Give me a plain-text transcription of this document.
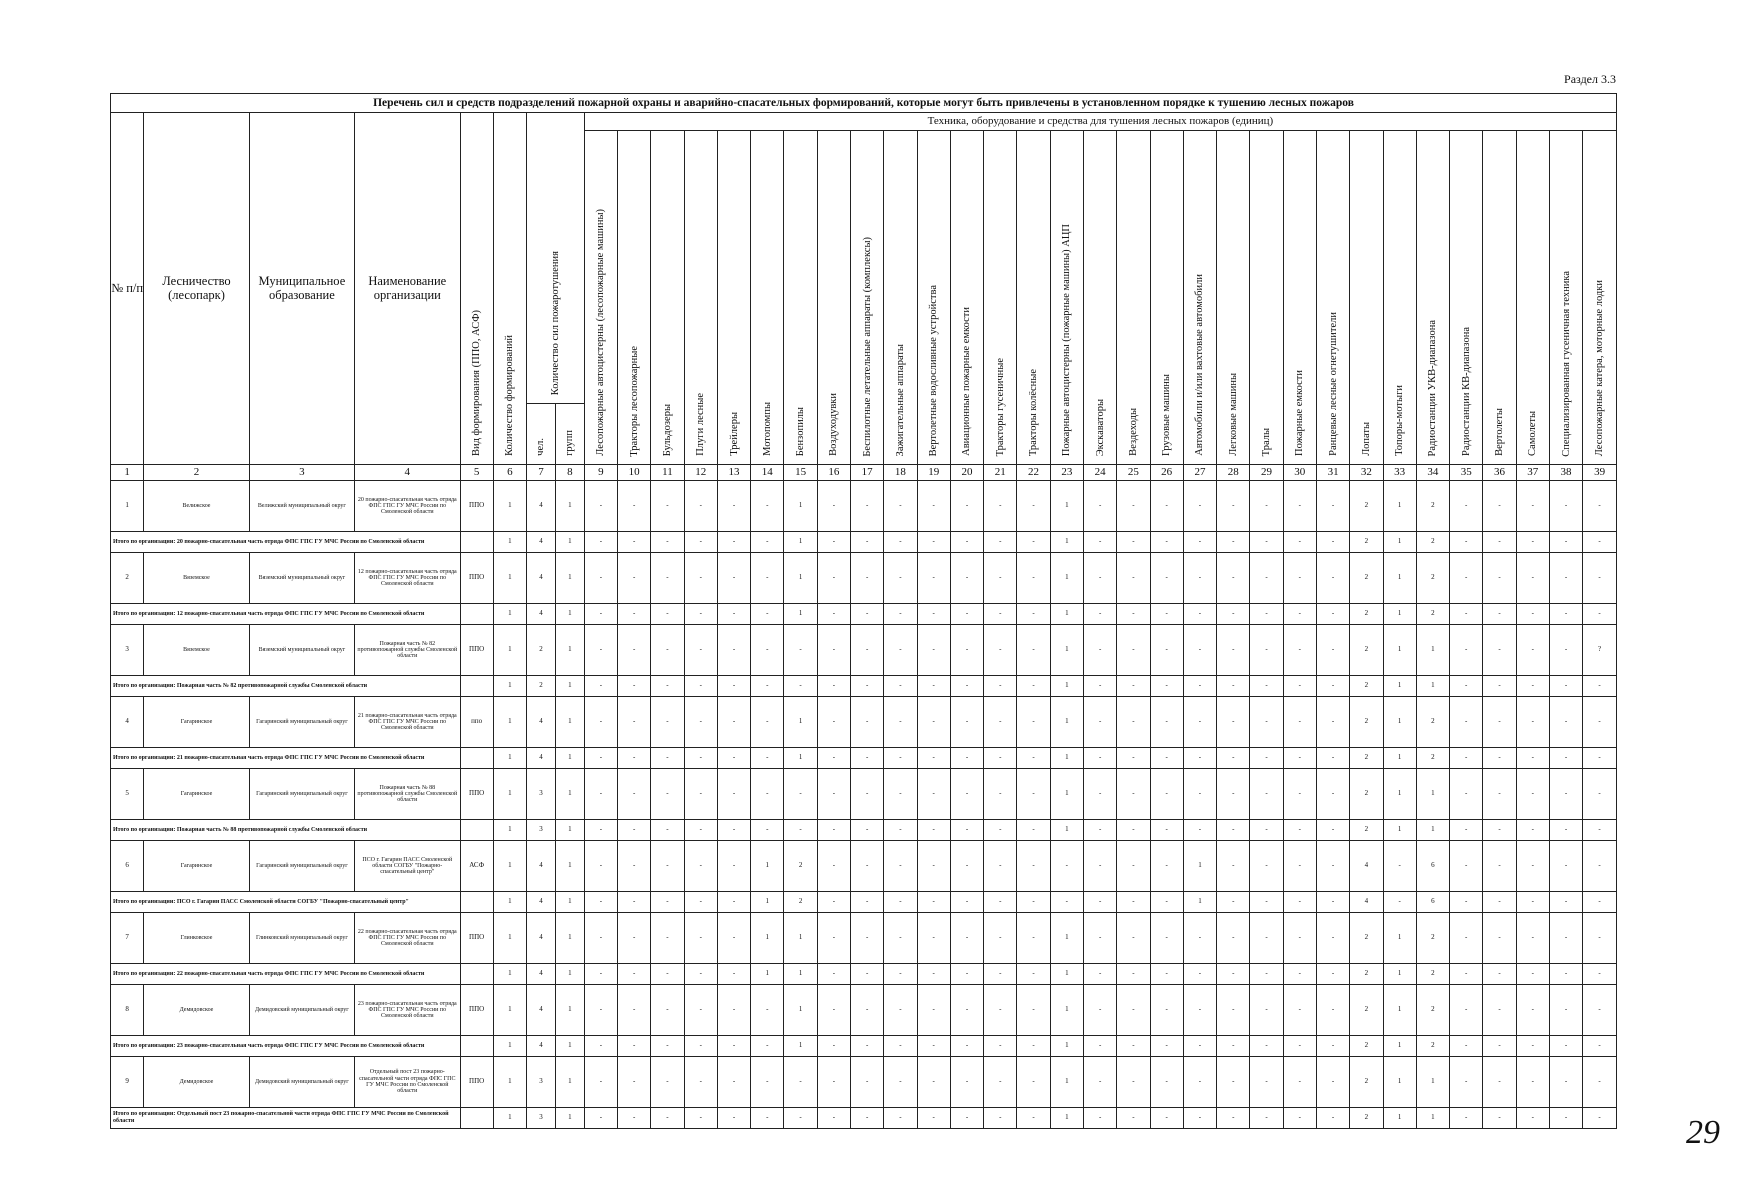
Раздел 3.3
Перечень сил и средств подразделений пожарной охраны и аварийно-спасательных формирований, которые могут быть привлечены в установленном порядке к тушению лесных пожаров																																						
№ п/п	Лесничество (лесопарк)	Муниципальное образование	Наименование организации	Вид формирования (ППО, АСФ)	Количество формирований	Количество сил пожаротушения		Техника, оборудование и средства для тушения лесных пожаров (единиц)																														
								Лесопожарные автоцистерны (лесопожарные машины)	Тракторы лесопожарные	Бульдозеры	Плуги лесные	Трейлеры	Мотопомпы	Бензопилы	Воздуходувки	Беспилотные летательные аппараты (комплексы)	Зажигательные аппараты	Вертолетные водосливные устройства	Авиационные пожарные емкости	Тракторы гусеничные	Тракторы колёсные	Пожарные автоцистерны (пожарные машины) АЦП	Экскаваторы	Вездеходы	Грузовые машины	Автомобили и/или вахтовые автомобили	Легковые машины	Тралы	Пожарные емкости	Ранцевые лесные огнетушители	Лопаты	Топоры-мотыги	Радиостанции УКВ-диапазона	Радиостанции КВ-диапазона	Вертолеты	Самолеты	Специализированная гусеничная техника	Лесопожарные катера, моторные лодки
						чел.	групп																															
1	2	3	4	5	6	7	8	9	10	11	12	13	14	15	16	17	18	19	20	21	22	23	24	25	26	27	28	29	30	31	32	33	34	35	36	37	38	39
1	Велижское	Велижский муниципальный округ	20 пожарно-спасательная часть отряда ФПС ГПС ГУ МЧС России по Смоленской области	ППО	1	4	1	-	-	-	-	-	-	1	-	-	-	-	-	-	-	1	-	-	-	-	-	-	-	-	2	1	2	-	-	-	-	-
Итого по организации: 20 пожарно-спасательная часть отряда ФПС ГПС ГУ МЧС России по Смоленской области					1	4	1	-	-	-	-	-	-	1	-	-	-	-	-	-	-	1	-	-	-	-	-	-	-	-	2	1	2	-	-	-	-	-
2	Вяземское	Вяземский муниципальный округ	12 пожарно-спасательная часть отряда ФПС ГПС ГУ МЧС России по Смоленской области	ППО	1	4	1	-	-	-	-	-	-	1	-	-	-	-	-	-	-	1	-	-	-	-	-	-	-	-	2	1	2	-	-	-	-	-
Итого по организации: 12 пожарно-спасательная часть отряда ФПС ГПС ГУ МЧС России по Смоленской области					1	4	1	-	-	-	-	-	-	1	-	-	-	-	-	-	-	1	-	-	-	-	-	-	-	-	2	1	2	-	-	-	-	-
3	Вяземское	Вяземский муниципальный округ	Пожарная часть № 82 противопожарной службы Смоленской области	ППО	1	2	1	-	-	-	-	-	-	-	-	-	-	-	-	-	-	1	-	-	-	-	-	-	-	-	2	1	1	-	-	-	-	?
Итого по организации: Пожарная часть № 82 противопожарной службы Смоленской области					1	2	1	-	-	-	-	-	-	-	-	-	-	-	-	-	-	1	-	-	-	-	-	-	-	-	2	1	1	-	-	-	-	-
4	Гагаринское	Гагаринский муниципальный округ	21 пожарно-спасательная часть отряда ФПС ГПС ГУ МЧС России по Смоленской области	ппо	1	4	1	-	-	-	-	-	-	1	-	-	-	-	-	-	-	1	-	-	-	-	-	-	-	-	2	1	2	-	-	-	-	-
Итого по организации: 21 пожарно-спасательная часть отряда ФПС ГПС ГУ МЧС России по Смоленской области					1	4	1	-	-	-	-	-	-	1	-	-	-	-	-	-	-	1	-	-	-	-	-	-	-	-	2	1	2	-	-	-	-	-
5	Гагаринское	Гагаринский муниципальный округ	Пожарная часть № 88 противопожарной службы Смоленской области	ППО	1	3	1	-	-	-	-	-	-	-	-	-	-	-	-	-	-	1	-	-	-	-	-	-	-	-	2	1	1	-	-	-	-	-
Итого по организации: Пожарная часть № 88 противопожарной службы Смоленской области					1	3	1	-	-	-	-	-	-	-	-	-	-	-	-	-	-	1	-	-	-	-	-	-	-	-	2	1	1	-	-	-	-	-
6	Гагаринское	Гагаринский муниципальный округ	ПСО г. Гагарин ПАСС Смоленской области СОГБУ "Пожарно-спасательный центр"	АСФ	1	4	1	-	-	-	-	-	1	2	-	-	-	-	-	-	-	-	-	-	-	1	-	-	-	-	4	-	6	-	-	-	-	-
Итого по организации: ПСО г. Гагарин ПАСС Смоленской области СОГБУ "Пожарно-спасательный центр"					1	4	1	-	-	-	-	-	1	2	-	-	-	-	-	-	-	-	-	-	-	1	-	-	-	-	4	-	6	-	-	-	-	-
7	Глинковское	Глинковский муниципальный округ	22 пожарно-спасательная часть отряда ФПС ГПС ГУ МЧС России по Смоленской области	ППО	1	4	1	-	-	-	-	-	1	1	-	-	-	-	-	-	-	1	-	-	-	-	-	-	-	-	2	1	2	-	-	-	-	-
Итого по организации: 22 пожарно-спасательная часть отряда ФПС ГПС ГУ МЧС России по Смоленской области					1	4	1	-	-	-	-	-	1	1	-	-	-	-	-	-	-	1	-	-	-	-	-	-	-	-	2	1	2	-	-	-	-	-
8	Демидовское	Демидовский муниципальный округ	23 пожарно-спасательная часть отряда ФПС ГПС ГУ МЧС России по Смоленской области	ППО	1	4	1	-	-	-	-	-	-	1	-	-	-	-	-	-	-	1	-	-	-	-	-	-	-	-	2	1	2	-	-	-	-	-
Итого по организации: 23 пожарно-спасательная часть отряда ФПС ГПС ГУ МЧС России по Смоленской области					1	4	1	-	-	-	-	-	-	1	-	-	-	-	-	-	-	1	-	-	-	-	-	-	-	-	2	1	2	-	-	-	-	-
9	Демидовское	Демидовский муниципальный округ	Отдельный пост 23 пожарно-спасательной части отряда ФПС ГПС ГУ МЧС России по Смоленской области	ППО	1	3	1	-	-	-	-	-	-	-	-	-	-	-	-	-	-	1	-	-	-	-	-	-	-	-	2	1	1	-	-	-	-	-
Итого по организации: Отдельный пост 23 пожарно-спасательной части отряда ФПС ГПС ГУ МЧС России по Смоленской области					1	3	1	-	-	-	-	-	-	-	-	-	-	-	-	-	-	1	-	-	-	-	-	-	-	-	2	1	1	-	-	-	-	-	29
